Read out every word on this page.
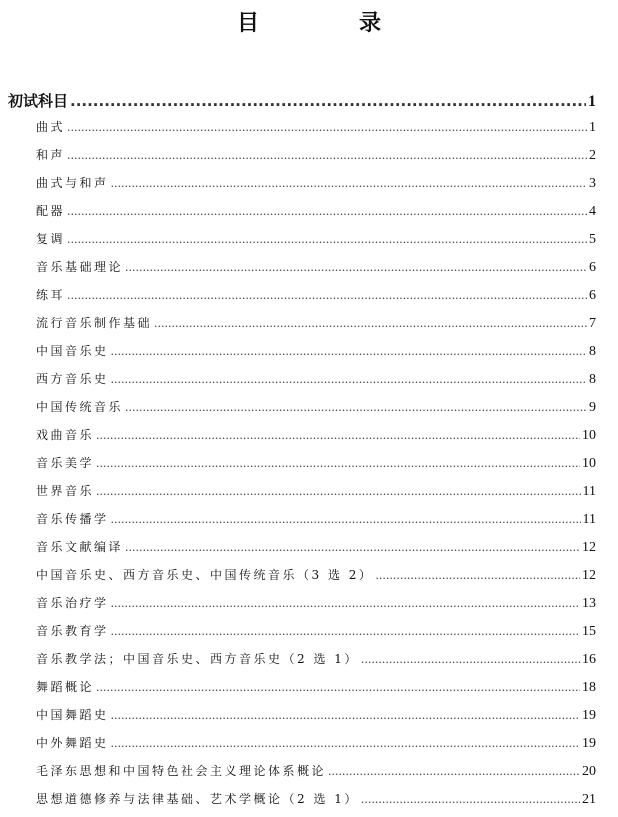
目	录
初试科目 .....	1
曲式 .....	1
和声 .....	2
曲式与和声 .....	3
配器 .....	4
复调 .....	5
音乐基础理论 .....	6
练耳 .....	6
流行音乐制作基础 .....	7
中国音乐史 .....	8
西方音乐史 .....	8
中国传统音乐 .....	9
戏曲音乐 .....	10
音乐美学 .....	10
世界音乐 .....	11
音乐传播学 .....	11
音乐文献编译 .....	12
中国音乐史、西方音乐史、中国传统音乐（3 选 2） .....	12
音乐治疗学 .....	13
音乐教育学 .....	15
音乐教学法；中国音乐史、西方音乐史（2 选 1） .....	16
舞蹈概论 .....	18
中国舞蹈史 .....	19
中外舞蹈史 .....	19
毛泽东思想和中国特色社会主义理论体系概论 .....	20
思想道德修养与法律基础、艺术学概论（2 选 1） .....	21
